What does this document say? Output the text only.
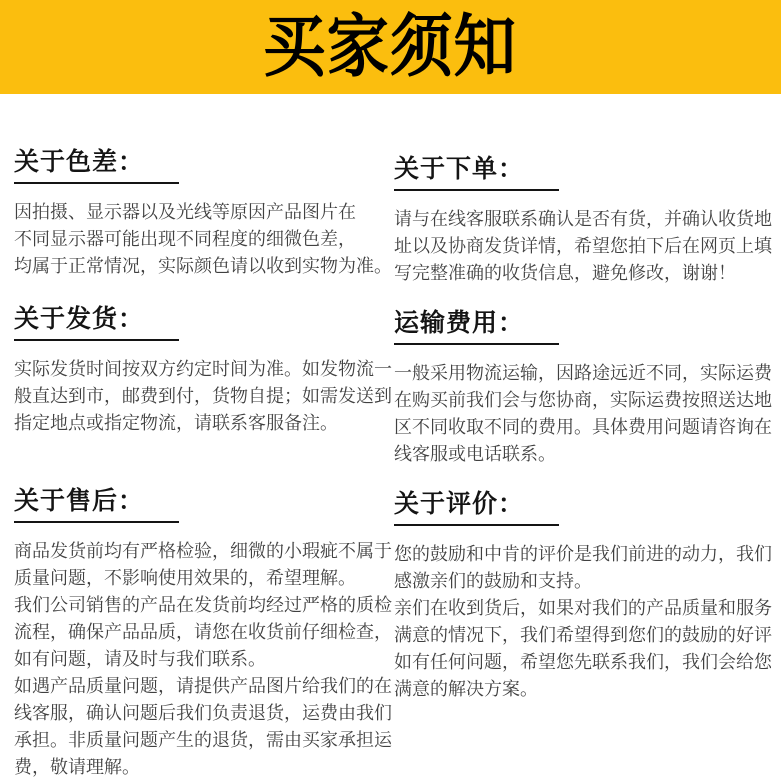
买家须知
关于色差：
因拍摄、显示器以及光线等原因产品图片在
不同显示器可能出现不同程度的细微色差，
均属于正常情况，实际颜色请以收到实物为准。
关于发货：
实际发货时间按双方约定时间为准。如发物流一
般直达到市，邮费到付，货物自提；如需发送到
指定地点或指定物流，请联系客服备注。
关于售后：
商品发货前均有严格检验，细微的小瑕疵不属于
质量问题，不影响使用效果的，希望理解。
我们公司销售的产品在发货前均经过严格的质检
流程，确保产品品质，请您在收货前仔细检查，
如有问题，请及时与我们联系。
如遇产品质量问题，请提供产品图片给我们的在
线客服，确认问题后我们负责退货，运费由我们
承担。非质量问题产生的退货，需由买家承担运
费，敬请理解。
关于下单：
请与在线客服联系确认是否有货，并确认收货地
址以及协商发货详情，希望您拍下后在网页上填
写完整准确的收货信息，避免修改，谢谢！
运输费用：
一般采用物流运输，因路途远近不同，实际运费
在购买前我们会与您协商，实际运费按照送达地
区不同收取不同的费用。具体费用问题请咨询在
线客服或电话联系。
关于评价：
您的鼓励和中肯的评价是我们前进的动力，我们
感激亲们的鼓励和支持。
亲们在收到货后，如果对我们的产品质量和服务
满意的情况下，我们希望得到您们的鼓励的好评
如有任何问题，希望您先联系我们，我们会给您
满意的解决方案。
